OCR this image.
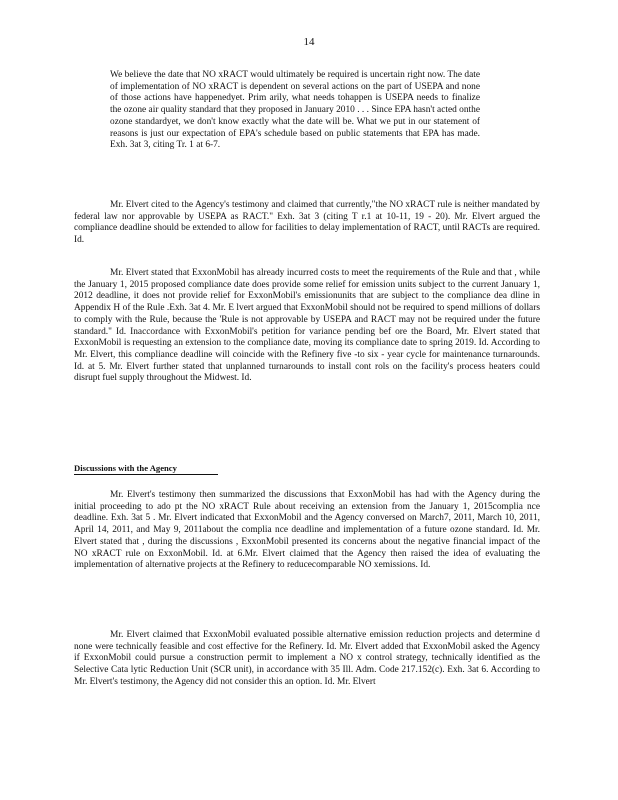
14
We believe the date that NO xRACT would ultimately be required is uncertain right now. The date of implementation of NO xRACT is dependent on several actions on the part of USEPA and none of those actions have happenedyet. Prim arily, what needs tohappen is USEPA needs to finalize the ozone air quality standard that they proposed in January 2010 . . . Since EPA hasn't acted onthe ozone standardyet, we don't know exactly what the date will be. What we put in our statement of reasons is just our expectation of EPA's schedule based on public statements that EPA has made. Exh. 3at 3, citing Tr. 1 at 6-7.
Mr. Elvert cited to the Agency's testimony and claimed that currently,"the NO xRACT rule is neither mandated by federal law nor approvable by USEPA as RACT." Exh. 3at 3 (citing T r.1 at 10-11, 19 - 20). Mr. Elvert argued the compliance deadline should be extended to allow for facilities to delay implementation of RACT, until RACTs are required. Id.
Mr. Elvert stated that ExxonMobil has already incurred costs to meet the requirements of the Rule and that , while the January 1, 2015 proposed compliance date does provide some relief for emission units subject to the current January 1, 2012 deadline, it does not provide relief for ExxonMobil's emissionunits that are subject to the compliance dea dline in Appendix H of the Rule .Exh. 3at 4. Mr. E lvert argued that ExxonMobil should not be required to spend millions of dollars to comply with the Rule, because the 'Rule is not approvable by USEPA and RACT may not be required under the future standard." Id. Inaccordance with ExxonMobil's petition for variance pending bef ore the Board, Mr. Elvert stated that ExxonMobil is requesting an extension to the compliance date, moving its compliance date to spring 2019. Id. According to Mr. Elvert, this compliance deadline will coincide with the Refinery five -to six - year cycle for maintenance turnarounds. Id. at 5. Mr. Elvert further stated that unplanned turnarounds to install cont rols on the facility's process heaters could disrupt fuel supply throughout the Midwest. Id.
Discussions with the Agency
Mr. Elvert's testimony then summarized the discussions that ExxonMobil has had with the Agency during the initial proceeding to ado pt the NO xRACT Rule about receiving an extension from the January 1, 2015complia nce deadline. Exh. 3at 5 . Mr. Elvert indicated that ExxonMobil and the Agency conversed on March7, 2011, March 10, 2011, April 14, 2011, and May 9, 2011about the complia nce deadline and implementation of a future ozone standard. Id. Mr. Elvert stated that , during the discussions , ExxonMobil presented its concerns about the negative financial impact of the NO xRACT rule on ExxonMobil. Id. at 6.Mr. Elvert claimed that the Agency then raised the idea of evaluating the implementation of alternative projects at the Refinery to reducecomparable NO xemissions. Id.
Mr. Elvert claimed that ExxonMobil evaluated possible alternative emission reduction projects and determine d none were technically feasible and cost effective for the Refinery. Id. Mr. Elvert added that ExxonMobil asked the Agency if ExxonMobil could pursue a construction permit to implement a NO x control strategy, technically identified as the Selective Cata lytic Reduction Unit (SCR unit), in accordance with 35 Ill. Adm. Code 217.152(c). Exh. 3at 6. According to Mr. Elvert's testimony, the Agency did not consider this an option. Id. Mr. Elvert
